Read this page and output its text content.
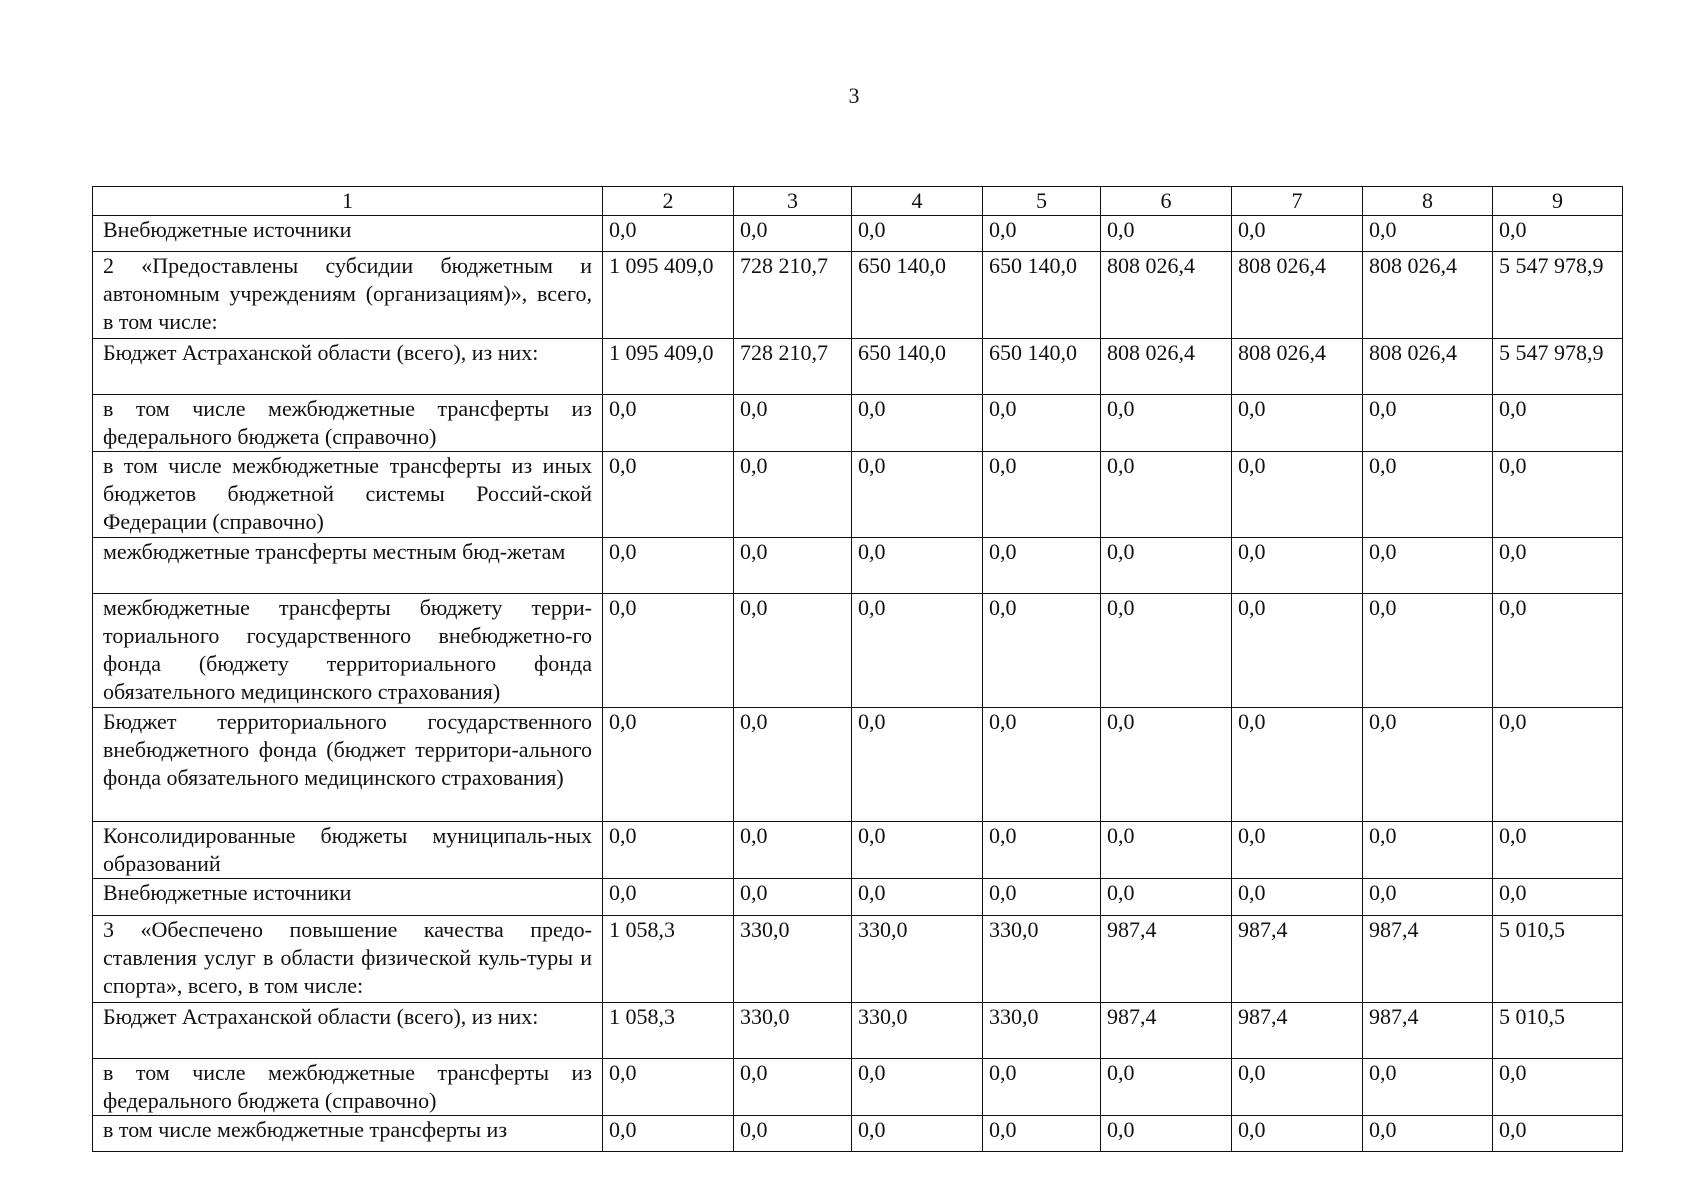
3
1	2	3	4	5	6	7	8	9
Внебюджетные источники	0,0	0,0	0,0	0,0	0,0	0,0	0,0	0,0
2 «Предоставлены субсидии бюджетным и автономным учреждениям (организациям)», всего, в том числе:	1 095 409,0	728 210,7	650 140,0	650 140,0	808 026,4	808 026,4	808 026,4	5 547 978,9
Бюджет Астраханской области (всего), из них:	1 095 409,0	728 210,7	650 140,0	650 140,0	808 026,4	808 026,4	808 026,4	5 547 978,9
в том числе межбюджетные трансферты из федерального бюджета (справочно)	0,0	0,0	0,0	0,0	0,0	0,0	0,0	0,0
в том числе межбюджетные трансферты из иных бюджетов бюджетной системы Россий-ской Федерации (справочно)	0,0	0,0	0,0	0,0	0,0	0,0	0,0	0,0
межбюджетные трансферты местным бюд-жетам	0,0	0,0	0,0	0,0	0,0	0,0	0,0	0,0
межбюджетные трансферты бюджету терри-ториального государственного внебюджетно-го фонда (бюджету территориального фонда обязательного медицинского страхования)	0,0	0,0	0,0	0,0	0,0	0,0	0,0	0,0
Бюджет территориального государственного внебюджетного фонда (бюджет территори-ального фонда обязательного медицинского страхования)	0,0	0,0	0,0	0,0	0,0	0,0	0,0	0,0
Консолидированные бюджеты муниципаль-ных образований	0,0	0,0	0,0	0,0	0,0	0,0	0,0	0,0
Внебюджетные источники	0,0	0,0	0,0	0,0	0,0	0,0	0,0	0,0
3 «Обеспечено повышение качества предо-ставления услуг в области физической куль-туры и спорта», всего, в том числе:	1 058,3	330,0	330,0	330,0	987,4	987,4	987,4	5 010,5
Бюджет Астраханской области (всего), из них:	1 058,3	330,0	330,0	330,0	987,4	987,4	987,4	5 010,5
в том числе межбюджетные трансферты из федерального бюджета (справочно)	0,0	0,0	0,0	0,0	0,0	0,0	0,0	0,0
в том числе межбюджетные трансферты из	0,0	0,0	0,0	0,0	0,0	0,0	0,0	0,0
